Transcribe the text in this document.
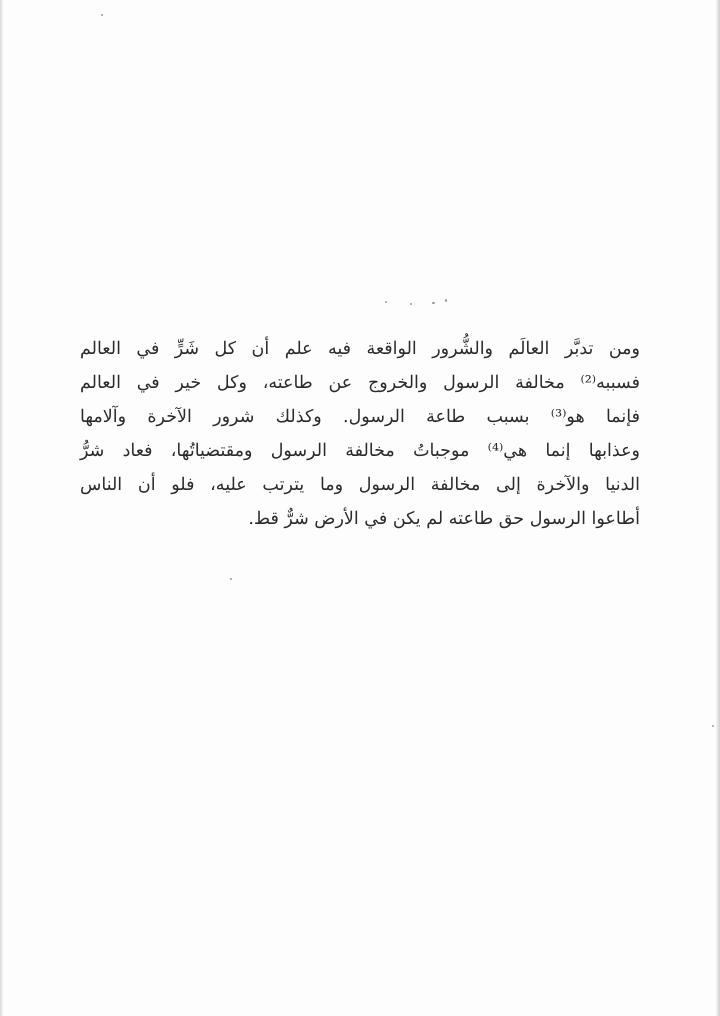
ومن تدبَّر العالَم والشُّرور الواقعة فيه علم أن كل شَرٍّ في العالم
فسببه⁽²⁾ مخالفة الرسول والخروج عن طاعته، وكل خير في العالم
فإنما هو⁽³⁾ بسبب طاعة الرسول. وكذلك شرور الآخرة وآلامها
وعذابها إنما هي⁽⁴⁾ موجباتُ مخالفة الرسول ومقتضياتُها، فعاد شرُّ
الدنيا والآخرة إلى مخالفة الرسول وما يترتب عليه، فلو أن الناس
أطاعوا الرسول حق طاعته لم يكن في الأرض شرٌّ قط.
